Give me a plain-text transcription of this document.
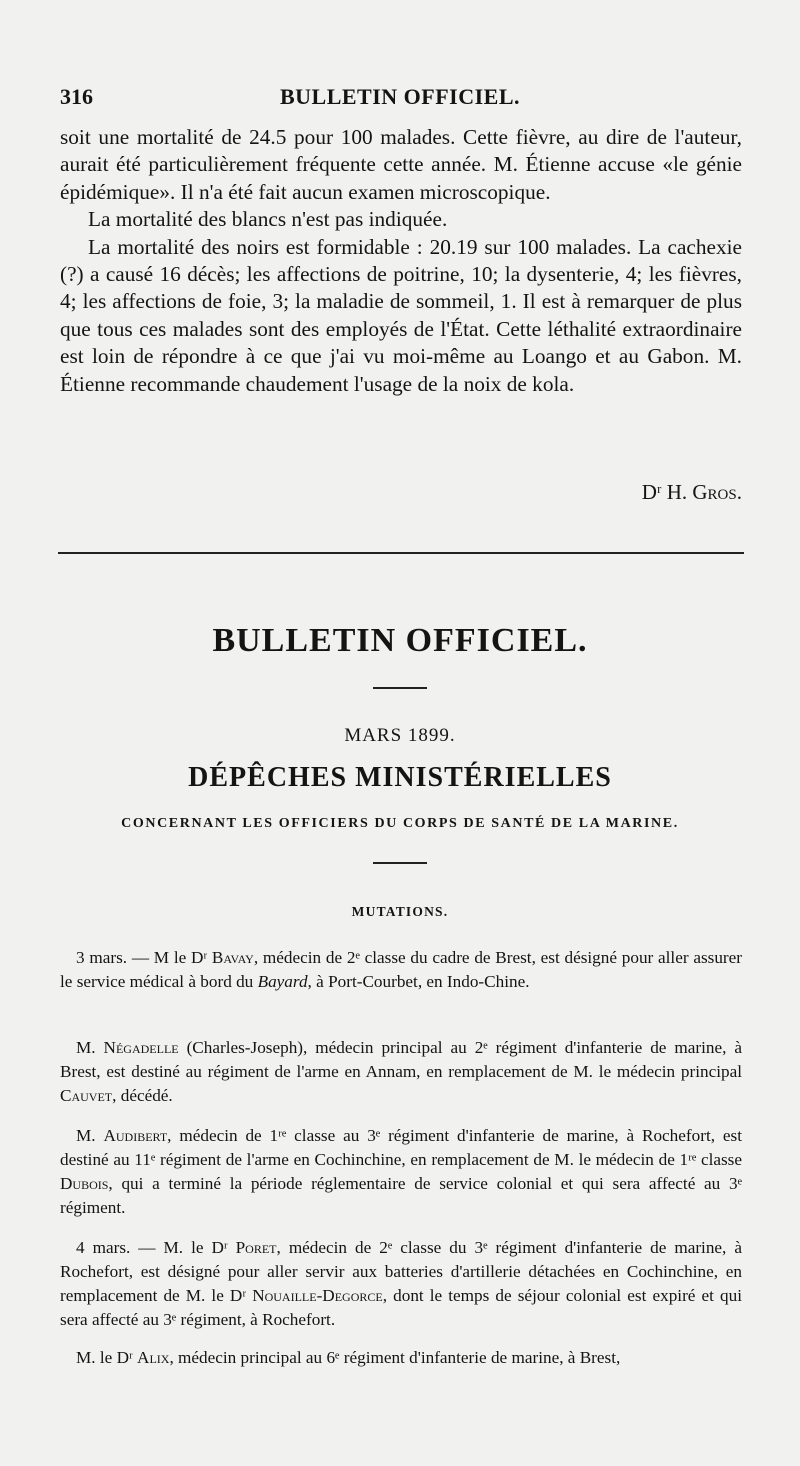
316	BULLETIN OFFICIEL.

soit une mortalité de 24.5 pour 100 malades. Cette fièvre, au dire de l'auteur, aurait été particulièrement fréquente cette année. M. Étienne accuse «le génie épidémique». Il n'a été fait aucun examen microscopique.

La mortalité des blancs n'est pas indiquée.

La mortalité des noirs est formidable : 20.19 sur 100 malades. La cachexie (?) a causé 16 décès; les affections de poitrine, 10; la dysenterie, 4; les fièvres, 4; les affections de foie, 3; la maladie de sommeil, 1. Il est à remarquer de plus que tous ces malades sont des employés de l'État. Cette léthalité extraordinaire est loin de répondre à ce que j'ai vu moi-même au Loango et au Gabon. M. Étienne recommande chaudement l'usage de la noix de kola.

Dʳ H. Gros.
BULLETIN OFFICIEL.
MARS 1899.
DÉPÊCHES MINISTÉRIELLES
CONCERNANT LES OFFICIERS DU CORPS DE SANTÉ DE LA MARINE.
MUTATIONS.

3 mars. — M le Dʳ Bavay, médecin de 2ᵉ classe du cadre de Brest, est désigné pour aller assurer le service médical à bord du Bayard, à Port-Courbet, en Indo-Chine.

M. Négadelle (Charles-Joseph), médecin principal au 2ᵉ régiment d'infanterie de marine, à Brest, est destiné au régiment de l'arme en Annam, en remplacement de M. le médecin principal Cauvet, décédé.

M. Audibert, médecin de 1ʳᵉ classe au 3ᵉ régiment d'infanterie de marine, à Rochefort, est destiné au 11ᵉ régiment de l'arme en Cochinchine, en remplacement de M. le médecin de 1ʳᵉ classe Dubois, qui a terminé la période réglementaire de service colonial et qui sera affecté au 3ᵉ régiment.

4 mars. — M. le Dʳ Poret, médecin de 2ᵉ classe du 3ᵉ régiment d'infanterie de marine, à Rochefort, est désigné pour aller servir aux batteries d'artillerie détachées en Cochinchine, en remplacement de M. le Dʳ Nouaille-Degorce, dont le temps de séjour colonial est expiré et qui sera affecté au 3ᵉ régiment, à Rochefort.

M. le Dʳ Alix, médecin principal au 6ᵉ régiment d'infanterie de marine, à Brest,
